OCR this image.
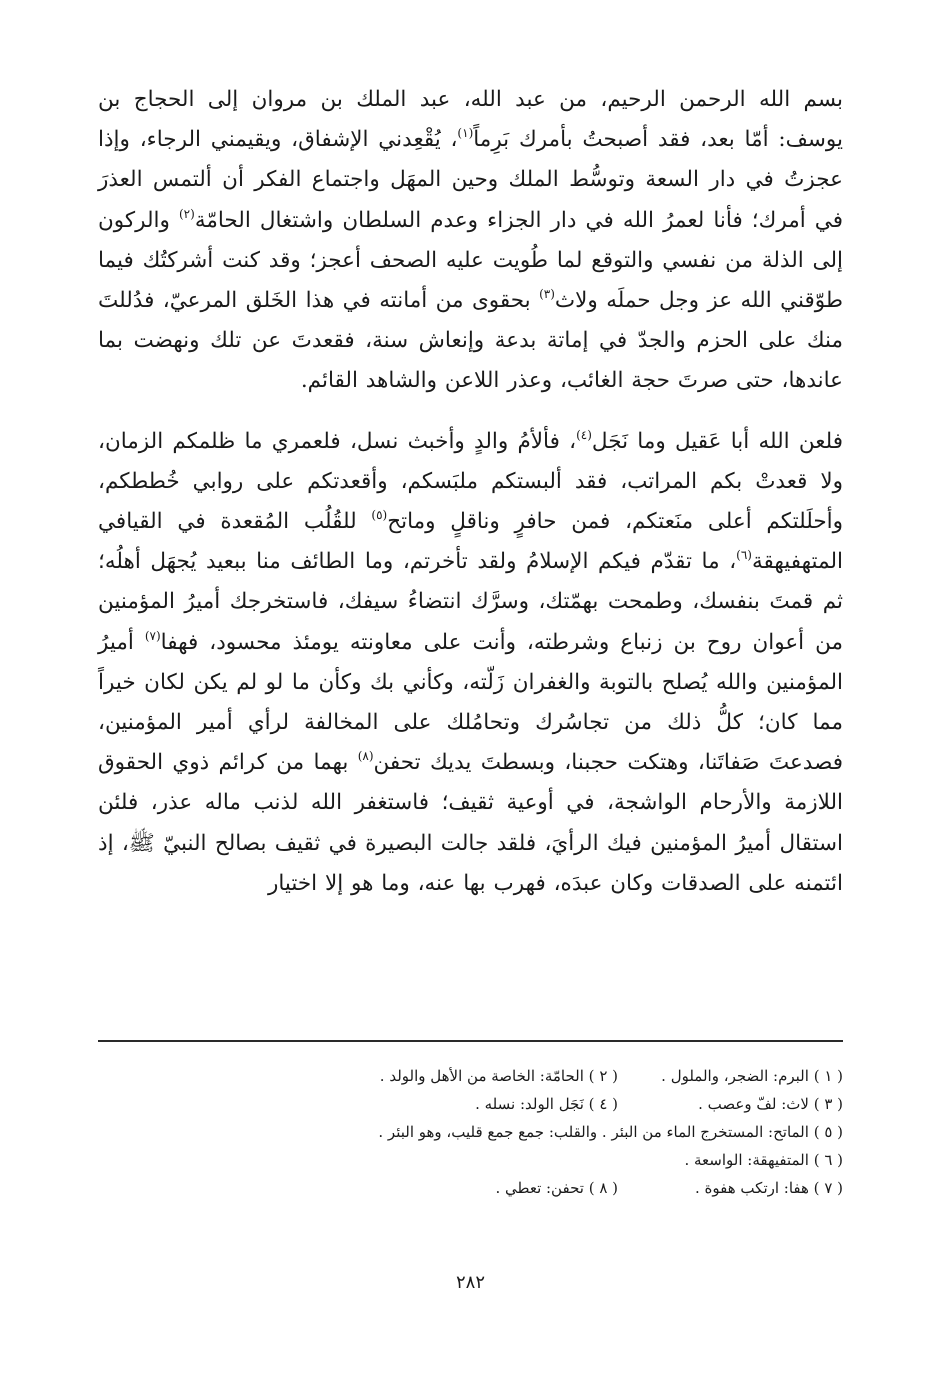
بسم الله الرحمن الرحيم، من عبد الله، عبد الملك بن مروان إلى الحجاج بن يوسف: أمّا بعد، فقد أصبحتُ بأمرك بَرِماً$^{(١)}$، يُقْعِدني الإشفاق، ويقيمني الرجاء، وإذا عجزتُ في دار السعة وتوسُّط الملك وحين المهَل واجتماع الفكر أن ألتمس العذرَ في أمرك؛ فأنا لعمرُ الله في دار الجزاء وعدم السلطان واشتغال الحامّة$^{(٢)}$ والركون إلى الذلة من نفسي والتوقع لما طُويت عليه الصحف أعجز؛ وقد كنت أشركتُك فيما طوّقني الله عز وجل حملَه ولاث$^{(٣)}$ بحقوى من أمانته في هذا الخَلق المرعيّ، فدُللتَ منك على الحزم والجدّ في إماتة بدعة وإنعاش سنة، فقعدتَ عن تلك ونهضت بما عاندها، حتى صرتَ حجة الغائب، وعذر اللاعن والشاهد القائم.

فلعن الله أبا عَقيل وما نَجَل$^{(٤)}$، فألأمُ والدٍ وأخبث نسل، فلعمري ما ظلمكم الزمان، ولا قعدتْ بكم المراتب، فقد ألبستكم ملبَسكم، وأقعدتكم على روابي خُططكم، وأحلَلتكم أعلى منَعتكم، فمن حافرٍ وناقلٍ وماتح$^{(٥)}$ للقُلُب المُقعدة في القيافي المتهفيهقة$^{(٦)}$، ما تقدّم فيكم الإسلامُ ولقد تأخرتم، وما الطائف منا ببعيد يُجهَل أهلُه؛ ثم قمتَ بنفسك، وطمحت بهمّتك، وسرَّك انتضاءُ سيفك، فاستخرجك أميرُ المؤمنين من أعوان روح بن زنباع وشرطته، وأنت على معاونته يومئذ محسود، فهفا$^{(٧)}$ أميرُ المؤمنين والله يُصلح بالتوبة والغفران زَلّته، وكأني بك وكأن ما لو لم يكن لكان خيراً مما كان؛ كلُّ ذلك من تجاسُرك وتحامُلك على المخالفة لرأي أمير المؤمنين، فصدعتَ صَفاتَنا، وهتكت حجبنا، وبسطتَ يديك تحفن$^{(٨)}$ بهما من كرائم ذوي الحقوق اللازمة والأرحام الواشجة، في أوعية ثقيف؛ فاستغفر الله لذنب ماله عذر، فلئن استقال أميرُ المؤمنين فيك الرأيَ، فلقد جالت البصيرة في ثقيف بصالح النبيّ ﷺ، إذ ائتمنه على الصدقات وكان عبدَه، فهرب بها عنه، وما هو إلا اختيار

( ١ ) البرم: الضجر، والملول .
( ٢ ) الحامّة: الخاصة من الأهل والولد .
( ٣ ) لاث: لفّ وعصب .
( ٤ ) نَجَل الولد: نسله .
( ٥ ) الماتح: المستخرج الماء من البئر . والقلب: جمع جمع قليب، وهو البئر .
( ٦ ) المتفيهقة: الواسعة .
( ٧ ) هفا: ارتكب هفوة .
( ٨ ) تحفن: تعطي .
٢٨٢
